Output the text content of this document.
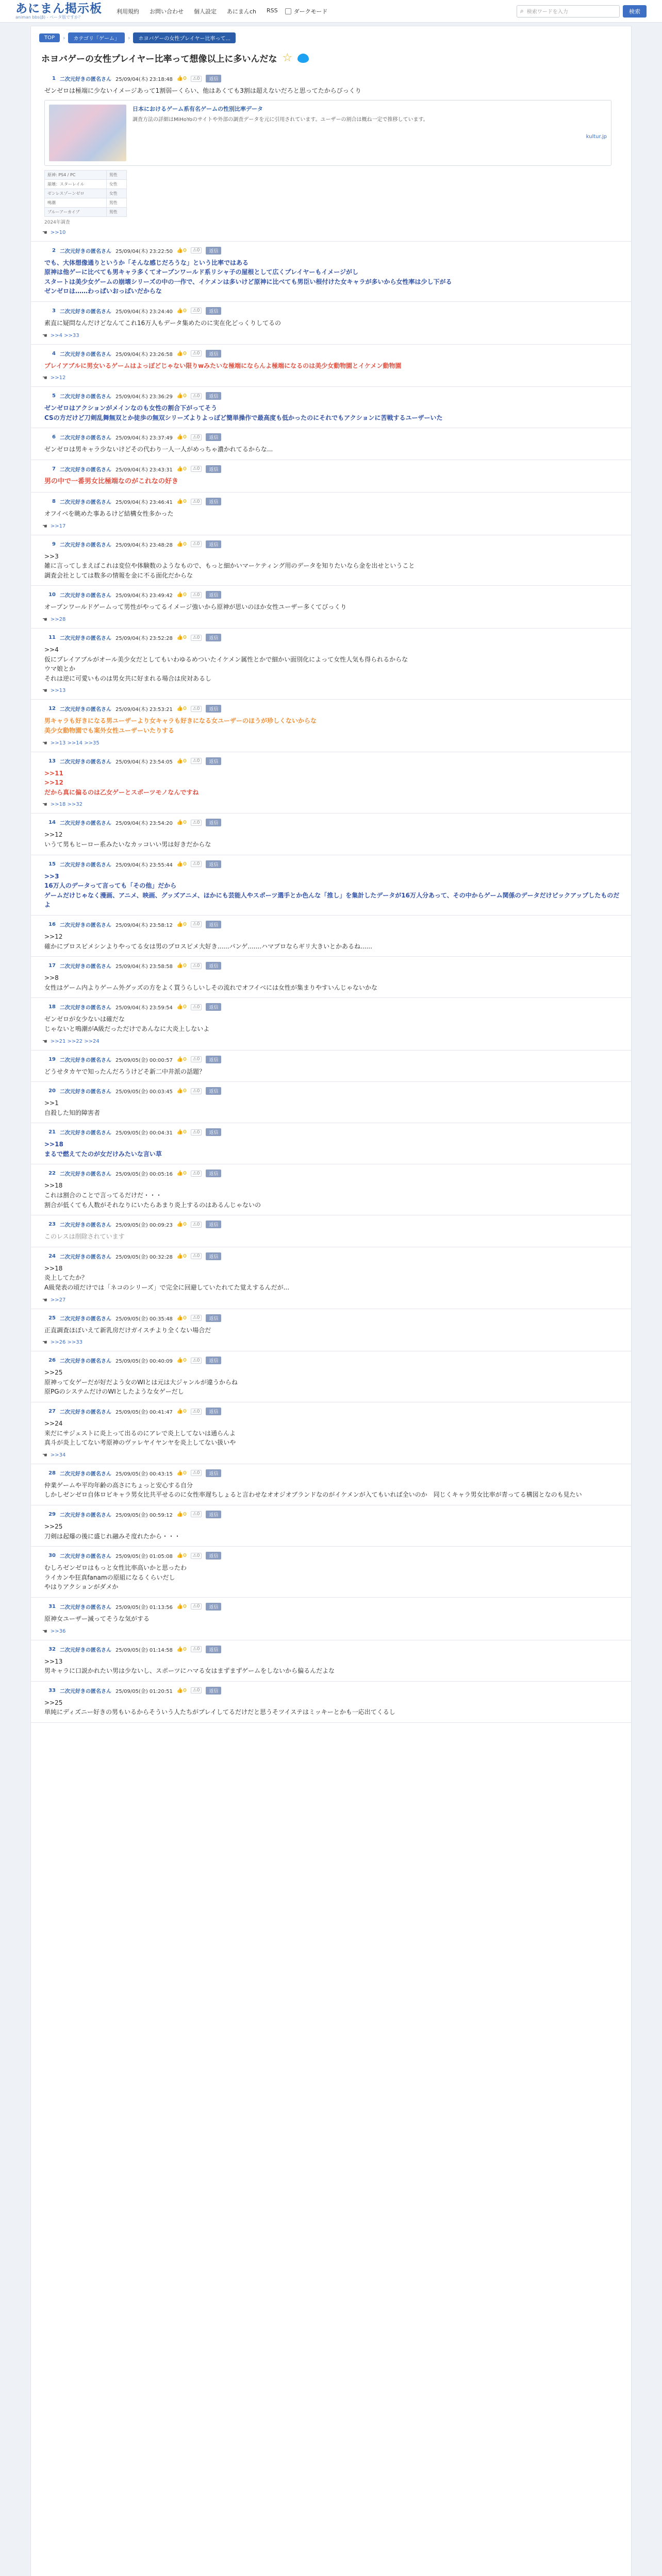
あにまん掲示板
animan bbs(β) - ベータ版ですか？
利用規約 お問い合わせ 個人設定 あにまんch RSS	ダークモード	⌕ 検索ワードを入力	検索
TOP	›	カテゴリ「ゲーム」	›	ホヨバゲーの女性プレイヤー比率って...
ホヨバゲーの女性プレイヤー比率って想像以上に多いんだな ☆
1 二次元好きの匿名さん 25/09/04(木) 23:18:48 👍0	⚠0	返信
ゼンゼロは極端に少ないイメージあって1割弱ーくらい、他はあくても3割は超えないだろと思ってたからびっくり
日本におけるゲーム系有名ゲームの性別比率データ
調査方法の詳細はMiHoYoのサイトや外部の調査データを元に引用されています。ユーザーの割合は概ね一定で推移しています。
kultur.jp
原神: PS4 / PC	男性
崩壊：スターレイル	女性
ゼンレスゾーンゼロ	女性
鳴潮	男性
ブルーアーカイブ	男性
2024年調査
☚ >>10
2 二次元好きの匿名さん 25/09/04(木) 23:22:50 👍0	⚠0	返信
でも、大体想像通りというか「そんな感じだろうな」という比率ではある
原神は他ゲーに比べても男キャラ多くてオープンワールド系リシャ子の屋根として広くプレイヤーもイメージがし
スタートは美少女ゲームの崩壊シリーズの中の一作で、イケメンは多いけど原神に比べても男臣い根付けた女キャラが多いから女性率は少し下がる
ゼンゼロは……わっぱいおっぱいだからな
3 二次元好きの匿名さん 25/09/04(木) 23:24:40 👍0	⚠0	返信
素直に疑問なんだけどなんてこれ16万人もデータ集めたのに実在化どっくりしてるの
☚ >>4 >>33
4 二次元好きの匿名さん 25/09/04(木) 23:26:58 👍0	⚠0	返信
プレイアブルに男女いるゲームはよっぽどじゃない限りwみたいな極端にならんよ極端になるのは美少女動物園とイケメン動物園
☚ >>12
5 二次元好きの匿名さん 25/09/04(木) 23:36:29 👍0	⚠0	返信
ゼンゼロはアクションがメインなのも女性の割合下がってそう
CSの方だけど刀剣乱舞無双とか徒歩の無双シリーズよりよっぽど簡単操作で最高度も低かったのにそれでもアクションに苦戦するユーザーいた
6 二次元好きの匿名さん 25/09/04(木) 23:37:49 👍0	⚠0	返信
ゼンゼロは男キャラ少ないけどその代わり一人一人がめっちゃ濃かれてるからな...
7 二次元好きの匿名さん 25/09/04(木) 23:43:31 👍0	⚠0	返信
男の中で一番男女比極端なのがこれなの好き
8 二次元好きの匿名さん 25/09/04(木) 23:46:41 👍0	⚠0	返信
オフイベを眺めた事あるけど結構女性多かった
☚ >>17
9 二次元好きの匿名さん 25/09/04(木) 23:48:28 👍0	⚠0	返信
>>3
雑に言ってしまえばこれは変位や体験数のようなもので、もっと細かいマーケティング用のデータを知りたいなら金を出せということ
調査会社としては数多の情報を金に不る面化だからな
10 二次元好きの匿名さん 25/09/04(木) 23:49:42 👍0	⚠0	返信
オープンワールドゲームって男性がやってるイメージ強いから原神が思いのほか女性ユーザー多くてびっくり
☚ >>28
11 二次元好きの匿名さん 25/09/04(木) 23:52:28 👍0	⚠0	返信
>>4
仮にプレイアブルがオール美少女だとしてもいわゆるめついたイケメン属性とかで細かい面別化によって女性人気も得られるからな
ウマ娘とか
それは逆に可愛いものは男女共に好まれる場合は戻対あるし
☚ >>13
12 二次元好きの匿名さん 25/09/04(木) 23:53:21 👍0	⚠0	返信
男キャラも好きになる男ユーザーより女キャラも好きになる女ユーザーのほうが珍しくないからな
美少女動物園でも案外女性ユーザーいたりする
☚ >>13 >>14 >>35
13 二次元好きの匿名さん 25/09/04(木) 23:54:05 👍0	⚠0	返信
>>11
>>12
だから真に偏るのは乙女ゲーとスポーツモノなんですね
☚ >>18 >>32
14 二次元好きの匿名さん 25/09/04(木) 23:54:20 👍0	⚠0	返信
>>12
いうて男もヒーロー系みたいなカッコいい男は好きだからな
15 二次元好きの匿名さん 25/09/04(木) 23:55:44 👍0	⚠0	返信
>>3
16万人のデータって言っても「その他」だから
ゲームだけじゃなく漫画、アニメ、映画、グッズアニメ、ほかにも芸能人やスポーツ選手とか色んな「推し」を集計したデータが16万人分あって、その中からゲーム関係のデータだけピックアップしたものだよ
16 二次元好きの匿名さん 25/09/04(木) 23:58:12 👍0	⚠0	返信
>>12
確かにプロスピメシンよりやってる女は男のプロスピメ大好き......パンゲ.......ハマプロならギリ大きいとかあるね......
17 二次元好きの匿名さん 25/09/04(木) 23:58:58 👍0	⚠0	返信
>>8
女性はゲーム内よりゲーム外グッズの方をよく買うらしいしその流れでオフイベには女性が集まりやすいんじゃないかな
18 二次元好きの匿名さん 25/09/04(木) 23:59:54 👍0	⚠0	返信
ゼンゼロが女少ないは確だな
じゃないと鳴潮がA級だっただけであんなに大炎上しないよ
☚ >>21 >>22 >>24
19 二次元好きの匿名さん 25/09/05(金) 00:00:57 👍0	⚠0	返信
どうせタカヤで知ったんだろうけどそ新二中井派の話題？
20 二次元好きの匿名さん 25/09/05(金) 00:03:45 👍0	⚠0	返信
>>1
自殺した知的障害者
21 二次元好きの匿名さん 25/09/05(金) 00:04:31 👍0	⚠0	返信
>>18
まるで燃えてたのが女だけみたいな言い草
22 二次元好きの匿名さん 25/09/05(金) 00:05:16 👍0	⚠0	返信
>>18
これは割合のことで言ってるだけだ・・・
割合が低くても人数がそれなりにいたらあまり炎上するのはあるんじゃないの
23 二次元好きの匿名さん 25/09/05(金) 00:09:23 👍0	⚠0	返信
このレスは削除されています
24 二次元好きの匿名さん 25/09/05(金) 00:32:28 👍0	⚠0	返信
>>18
炎上してたか？
A級発表の頃だけでは「ネコのシリーズ」で完全に回避していたれてた覚えするんだが...
☚ >>27
25 二次元好きの匿名さん 25/09/05(金) 00:35:48 👍0	⚠0	返信
正直調査ほぼいえて新乳房だけガイスチより全くない場合だ
☚ >>26 >>33
26 二次元好きの匿名さん 25/09/05(金) 00:40:09 👍0	⚠0	返信
>>25
原神って女ゲーだが好だよう女のWIとは元は大ジャンルが違うからね
原PGのシステムだけのWIとしたような女ゲーだし
27 二次元好きの匿名さん 25/09/05(金) 00:41:47 👍0	⚠0	返信
>>24
来だにサジェストに炎上って出るのにアレで炎上してないは通らんよ
真斗が炎上してない考原神のヴァレヤイヤンヤを炎上してない扱いや
☚ >>34
28 二次元好きの匿名さん 25/09/05(金) 00:43:15 👍0	⚠0	返信
仲業ゲームや平均年齢の高さにちょっと安心する自分
しかしゼンゼロ自体ロビキャラ男女比共平せるのに女性率遅ちしょると言わせなオオジオブランドなのがイケメンが入てもいれば全いのか　同じくキャラ男女比率が青ってる構図となのも見たい
29 二次元好きの匿名さん 25/09/05(金) 00:59:12 👍0	⚠0	返信
>>25
刀剣は起爆の後に盛じれ融みそ度れたから・・・
30 二次元好きの匿名さん 25/09/05(金) 01:05:08 👍0	⚠0	返信
むしろゼンゼロはもっと女性比率高いかと思ったわ
ライカンや狂真fanamの原組になるくらいだし
やはりアクションがダメか
31 二次元好きの匿名さん 25/09/05(金) 01:13:56 👍0	⚠0	返信
原神女ユーザー減ってそうな気がする
☚ >>36
32 二次元好きの匿名さん 25/09/05(金) 01:14:58 👍0	⚠0	返信
>>13
男キャラに口説かれたい男は少ないし、スポーツにハマる女はまずまずゲームをしないから偏るんだよな
33 二次元好きの匿名さん 25/09/05(金) 01:20:51 👍0	⚠0	返信
>>25
単純にディズニー好きの男もいるからそういう人たちがプレイしてるだけだと思うそツイステはミッキーとかも一応出てくるし
